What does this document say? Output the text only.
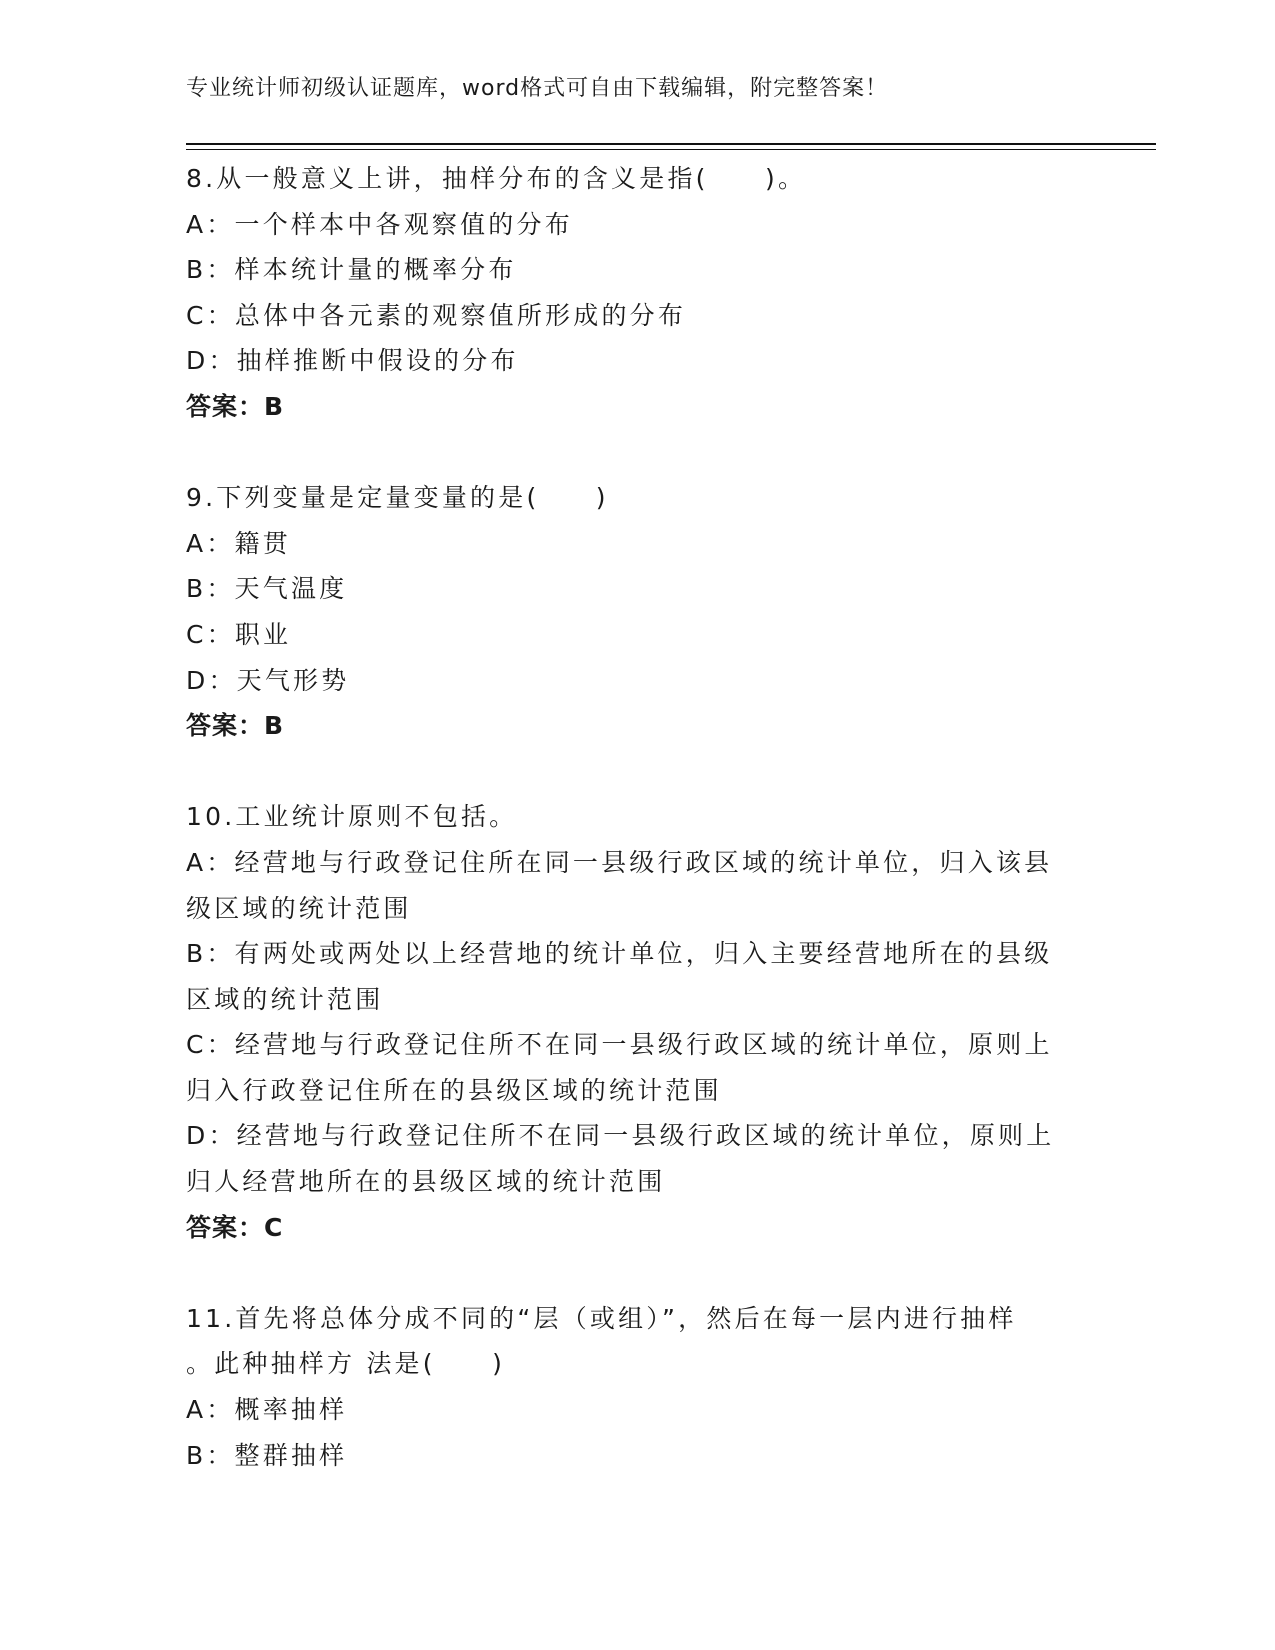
专业统计师初级认证题库，word格式可自由下载编辑，附完整答案！
8.从一般意义上讲，抽样分布的含义是指(　　)。
A：一个样本中各观察值的分布
B：样本统计量的概率分布
C：总体中各元素的观察值所形成的分布
D：抽样推断中假设的分布
答案：B
9.下列变量是定量变量的是(　　)
A：籍贯
B：天气温度
C：职业
D：天气形势
答案：B
10.工业统计原则不包括。
A：经营地与行政登记住所在同一县级行政区域的统计单位，归入该县
级区域的统计范围
B：有两处或两处以上经营地的统计单位，归入主要经营地所在的县级
区域的统计范围
C：经营地与行政登记住所不在同一县级行政区域的统计单位，原则上
归入行政登记住所在的县级区域的统计范围
D：经营地与行政登记住所不在同一县级行政区域的统计单位，原则上
归人经营地所在的县级区域的统计范围
答案：C
11.首先将总体分成不同的“层（或组）”，然后在每一层内进行抽样
。此种抽样方 法是(　　)
A：概率抽样
B：整群抽样
